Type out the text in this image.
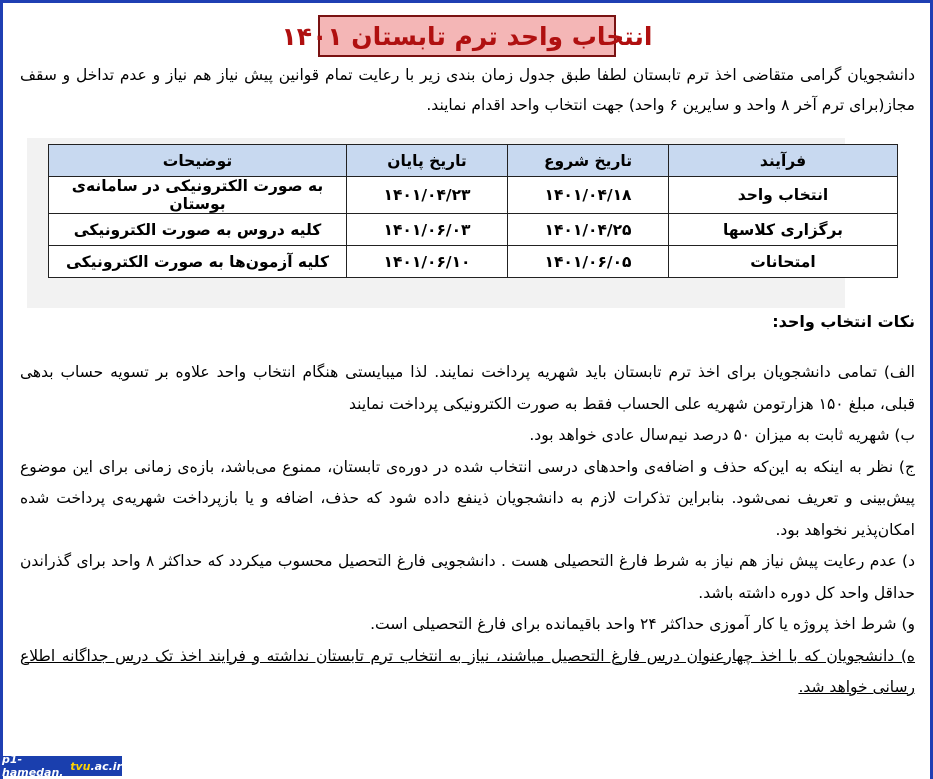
انتخاب واحد ترم تابستان ۱۴۰۱
دانشجویان گرامی متقاضی اخذ ترم تابستان لطفا طبق جدول زمان بندی زیر با رعایت تمام قوانین پیش نیاز هم نیاز و عدم تداخل و سقف مجاز(برای ترم آخر ۸ واحد و سایرین ۶ واحد) جهت انتخاب واحد اقدام نمایند.
فرآیند	تاریخ شروع	تاریخ پایان	توضیحات
انتخاب واحد	۱۴۰۱/۰۴/۱۸	۱۴۰۱/۰۴/۲۳	به صورت الکترونیکی در سامانه‌ی بوستان
برگزاری کلاسها	۱۴۰۱/۰۴/۲۵	۱۴۰۱/۰۶/۰۳	کلیه دروس به صورت الکترونیکی
امتحانات	۱۴۰۱/۰۶/۰۵	۱۴۰۱/۰۶/۱۰	کلیه آزمون‌ها به صورت الکترونیکی
نکات انتخاب واحد:

الف) تمامی دانشجویان برای اخذ ترم تابستان باید شهریه پرداخت نمایند. لذا میبایستی هنگام انتخاب واحد علاوه بر تسویه حساب بدهی قبلی، مبلغ ۱۵۰ هزارتومن شهریه علی الحساب فقط به صورت الکترونیکی پرداخت نمایند

ب) شهریه ثابت به میزان ۵۰ درصد نیم‌سال عادی خواهد بود.

ج) نظر به اینکه به این‌که حذف و اضافه‌ی واحدهای درسی انتخاب شده در دوره‌ی تابستان، ممنوع می‌باشد، بازه‌ی زمانی برای این موضوع پیش‌بینی و تعریف نمی‌شود. بنابراین تذکرات لازم به دانشجویان ذینفع داده شود که حذف، اضافه و یا بازپرداخت شهریه‌ی پرداخت شده امکان‌پذیر نخواهد بود.

د) عدم رعایت پیش نیاز هم نیاز به شرط فارغ التحصیلی هست . دانشجویی فارغ التحصیل محسوب میکردد که حداکثر ۸ واحد برای گذراندن حداقل واحد کل دوره داشته باشد.

و) شرط اخذ پروژه یا کار آموزی حداکثر ۲۴ واحد باقیمانده برای فارغ التحصیلی است.

ه) دانشجویان که با اخذ چهارعنوان درس فارغ التحصیل میاشند، نیاز به انتخاب ترم تابستان نداشته و فرایند اخذ تک درس جداگانه اطلاع رسانی خواهد شد.

p1-hamedan. tvu .ac.ir
